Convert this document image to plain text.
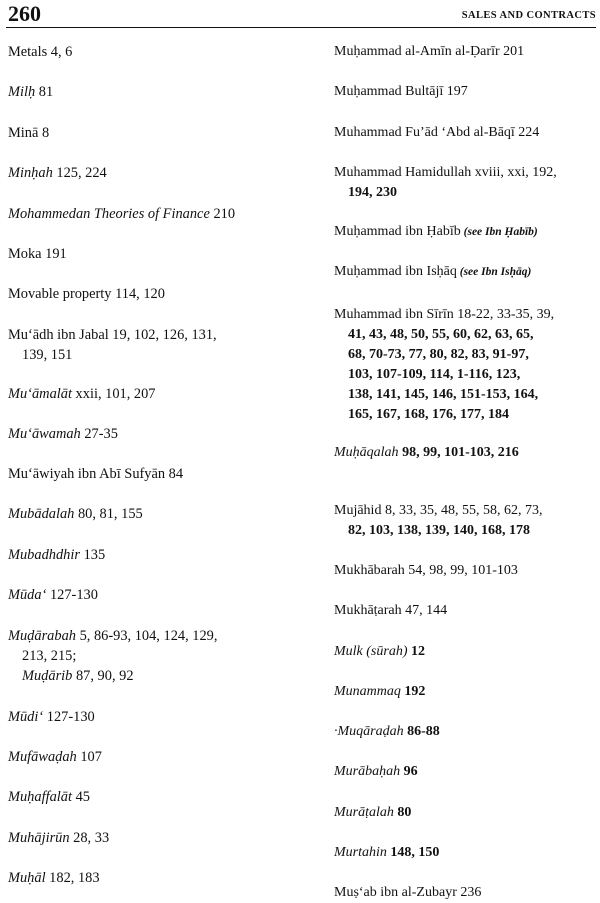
260	SALES AND CONTRACTS

Metals 4, 6

Milḥ 81

Minā 8

Minḥah 125, 224

Mohammedan Theories of Finance 210

Moka 191

Movable property 114, 120

Mu‘ādh ibn Jabal 19, 102, 126, 131,
139, 151

Mu‘āmalāt xxii, 101, 207

Mu‘āwamah 27-35

Mu‘āwiyah ibn Abī Sufyān 84

Mubādalah 80, 81, 155

Mubadhdhir 135

Mūda‘ 127-130

Muḍārabah 5, 86-93, 104, 124, 129,
213, 215;
Muḍārib 87, 90, 92

Mūdi‘ 127-130

Mufāwaḍah 107

Muḥaffalāt 45

Muhājirūn 28, 33

Muḥāl 182, 183

Muḥammad al-Amīn al-Ḍarīr 201

Muḥammad Bultājī 197

Muhammad Fu’ād ‘Abd al-Bāqī 224

Muhammad Hamidullah xviii, xxi, 192,
194, 230

Muḥammad ibn Ḥabīb (see Ibn Ḥabīb)

Muḥammad ibn Isḥāq (see Ibn Isḥāq)

Muhammad ibn Sīrīn 18-22, 33-35, 39,
41, 43, 48, 50, 55, 60, 62, 63, 65,
68, 70-73, 77, 80, 82, 83, 91-97,
103, 107-109, 114, 1-116, 123,
138, 141, 145, 146, 151-153, 164,
165, 167, 168, 176, 177, 184

Muḥāqalah 98, 99, 101-103, 216

Mujāhid 8, 33, 35, 48, 55, 58, 62, 73,
82, 103, 138, 139, 140, 168, 178

Mukhābarah 54, 98, 99, 101-103

Mukhāṭarah 47, 144

Mulk (sūrah) 12

Munammaq 192

·Muqāraḍah 86-88

Murābaḥah 96

Murāṭalah 80

Murtahin 148, 150

Muṣ‘ab ibn al-Zubayr 236
